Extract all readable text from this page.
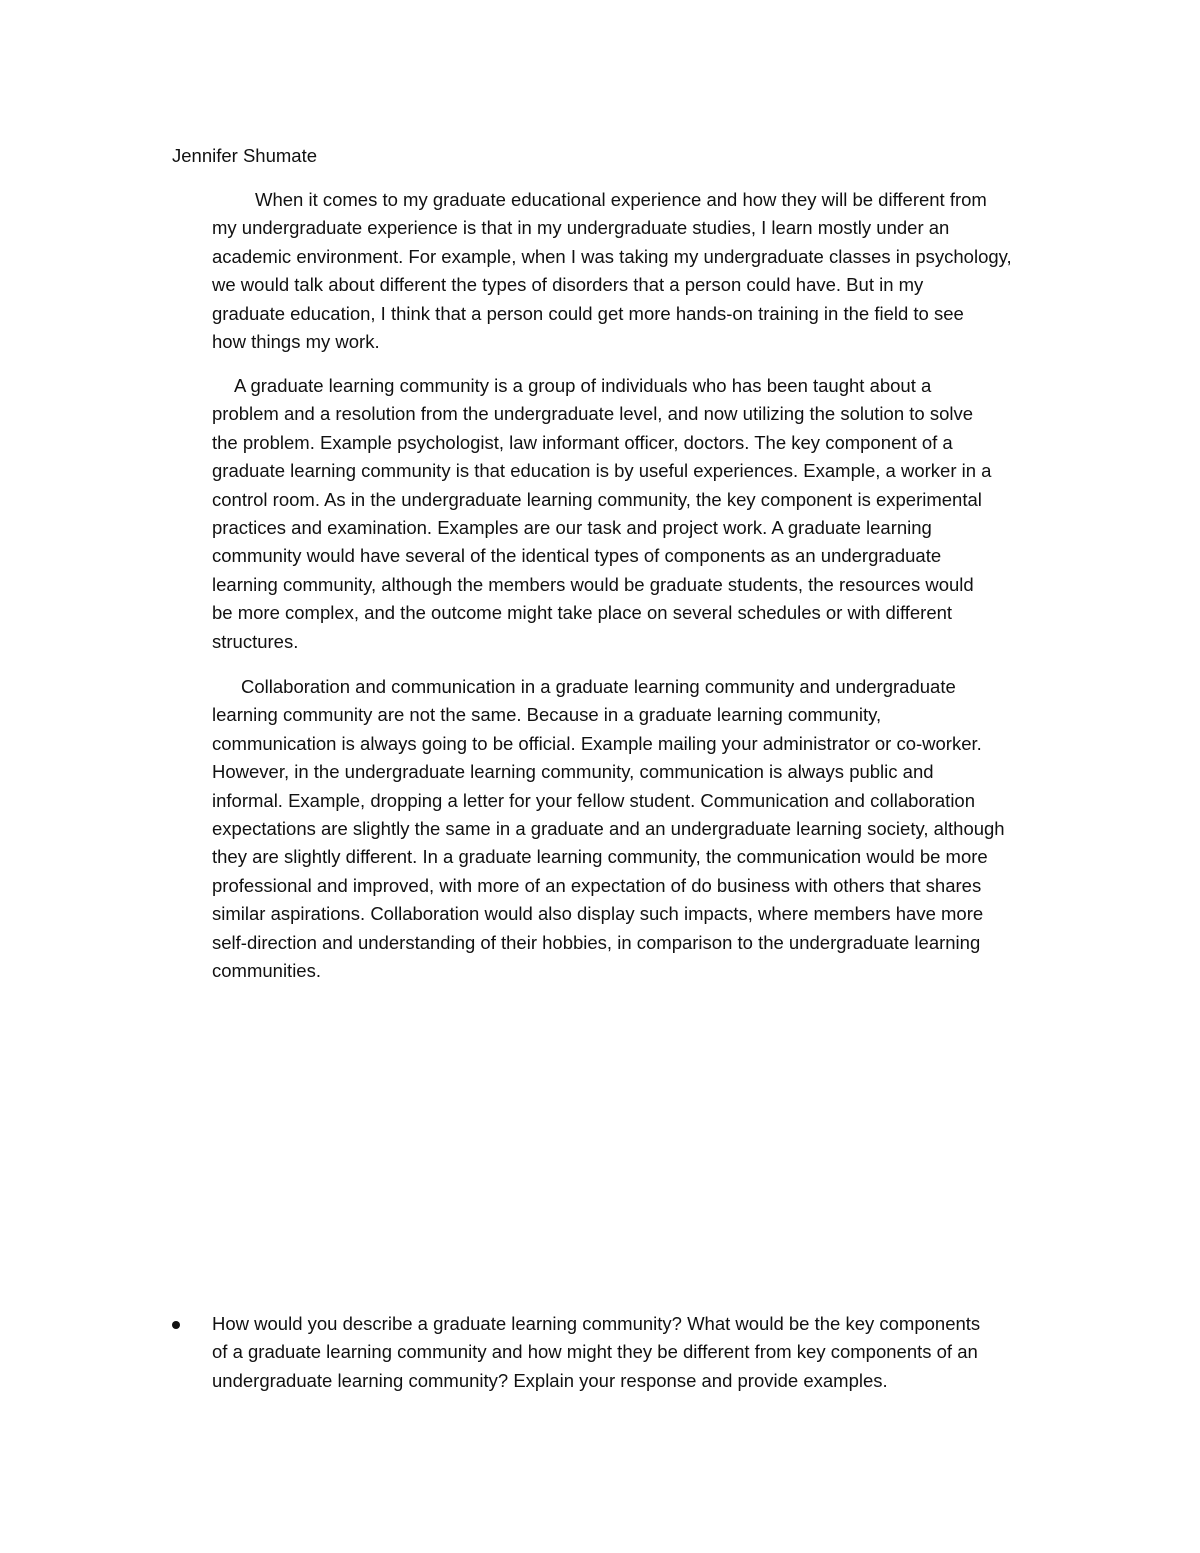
Jennifer Shumate

When it comes to my graduate educational experience and how they will be different from
my undergraduate experience is that in my undergraduate studies, I learn mostly under an
academic environment. For example, when I was taking my undergraduate classes in psychology,
we would talk about different the types of disorders that a person could have. But in my
graduate education, I think that a person could get more hands-on training in the field to see
how things my work.

A graduate learning community is a group of individuals who has been taught about a
problem and a resolution from the undergraduate level, and now utilizing the solution to solve
the problem. Example psychologist, law informant officer, doctors. The key component of a
graduate learning community is that education is by useful experiences. Example, a worker in a
control room. As in the undergraduate learning community, the key component is experimental
practices and examination. Examples are our task and project work. A graduate learning
community would have several of the identical types of components as an undergraduate
learning community, although the members would be graduate students, the resources would
be more complex, and the outcome might take place on several schedules or with different
structures.

Collaboration and communication in a graduate learning community and undergraduate
learning community are not the same. Because in a graduate learning community,
communication is always going to be official. Example mailing your administrator or co-worker.
However, in the undergraduate learning community, communication is always public and
informal. Example, dropping a letter for your fellow student. Communication and collaboration
expectations are slightly the same in a graduate and an undergraduate learning society, although
they are slightly different. In a graduate learning community, the communication would be more
professional and improved, with more of an expectation of do business with others that shares
similar aspirations. Collaboration would also display such impacts, where members have more
self-direction and understanding of their hobbies, in comparison to the undergraduate learning
communities.

How would you describe a graduate learning community? What would be the key components
of a graduate learning community and how might they be different from key components of an
undergraduate learning community? Explain your response and provide examples.
